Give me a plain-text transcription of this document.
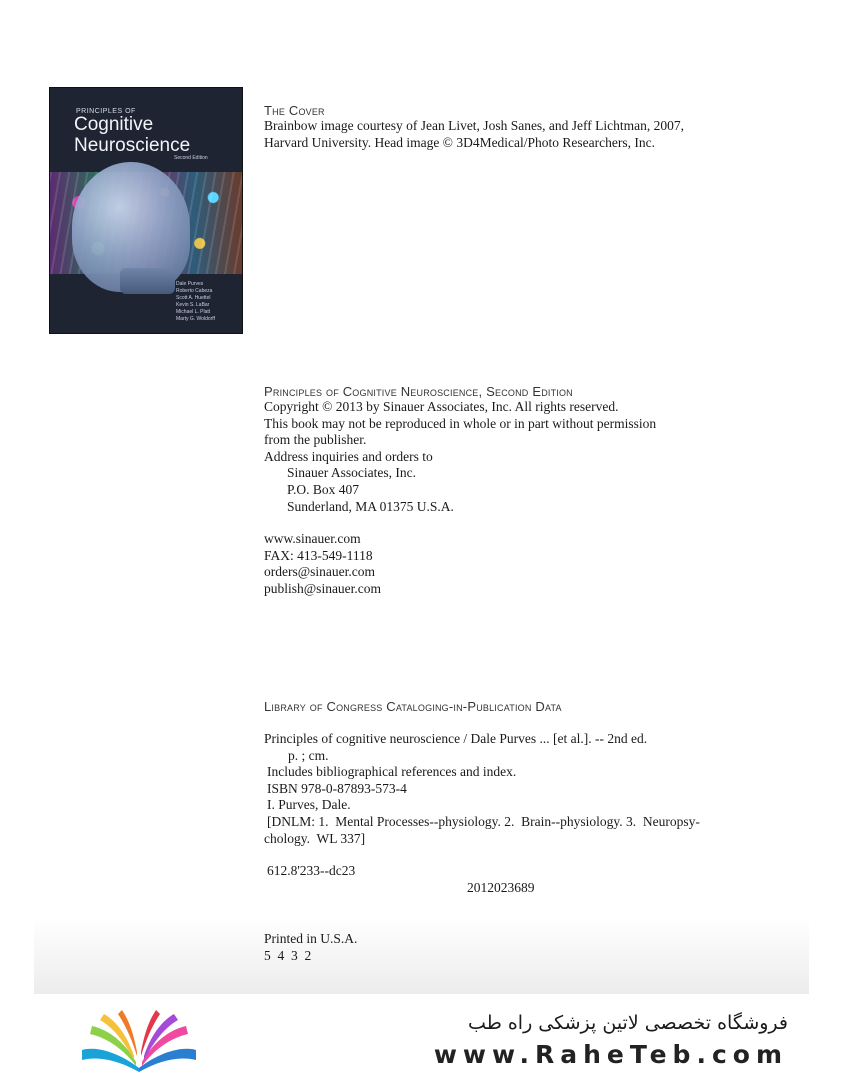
PRINCIPLES OF
Cognitive
Neuroscience
Second Edition
Dale Purves
Roberto Cabeza
Scott A. Huettel
Kevin S. LaBar
Michael L. Platt
Marty G. Woldorff
The Cover
Brainbow image courtesy of Jean Livet, Josh Sanes, and Jeff Lichtman, 2007,
Harvard University. Head image © 3D4Medical/Photo Researchers, Inc.
Principles of Cognitive Neuroscience, Second Edition
Copyright © 2013 by Sinauer Associates, Inc. All rights reserved.
This book may not be reproduced in whole or in part without permission
from the publisher.
Address inquiries and orders to
Sinauer Associates, Inc.
P.O. Box 407
Sunderland, MA 01375 U.S.A.
www.sinauer.com
FAX: 413-549-1118
orders@sinauer.com
publish@sinauer.com
Library of Congress Cataloging-in-Publication Data
Principles of cognitive neuroscience / Dale Purves ... [et al.]. -- 2nd ed.
p. ; cm.
Includes bibliographical references and index.
ISBN 978-0-87893-573-4
I. Purves, Dale.
[DNLM: 1.  Mental Processes--physiology. 2.  Brain--physiology. 3.  Neuropsy-
chology.  WL 337]
612.8'233--dc23
2012023689
Printed in U.S.A.
5  4  3  2
فروشگاه تخصصی لاتین پزشکی راه طب
www.RaheTeb.com
